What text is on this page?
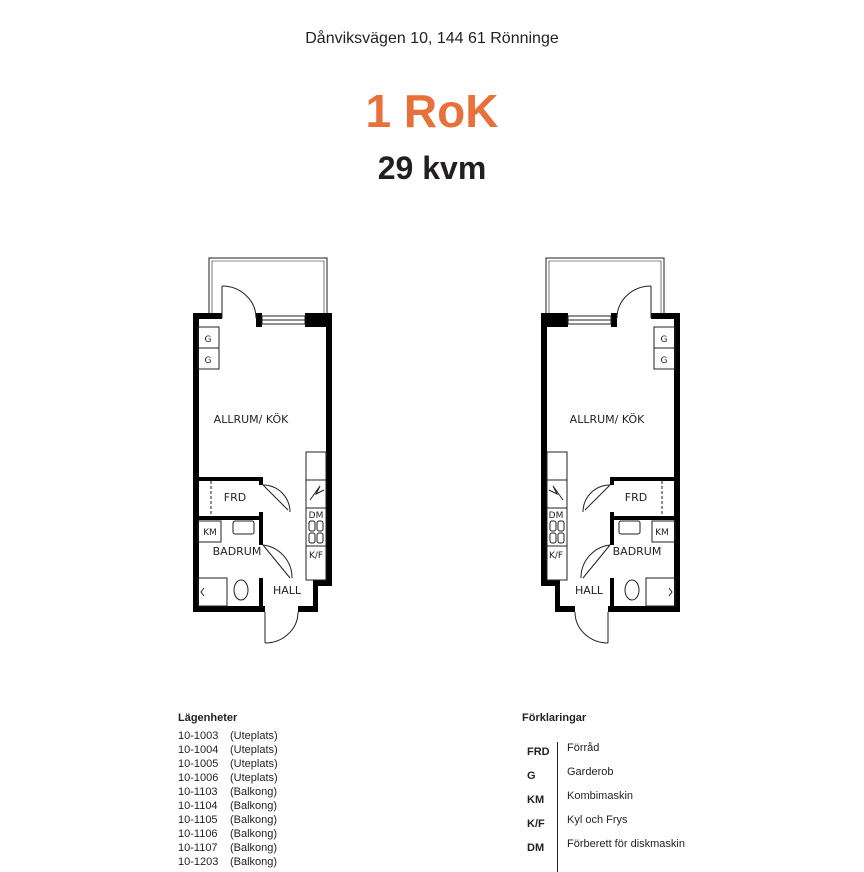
Dånviksvägen 10, 144 61 Rönninge
1 RoK
29 kvm
ALLRUM/ KÖK
FRD
BADRUM
HALL
G
G
KM
DM
K/F
ALLRUM/ KÖK
FRD
BADRUM
HALL
G
G
KM
DM
K/F
Lägenheter
10-1003 (Uteplats)
10-1004 (Uteplats)
10-1005 (Uteplats)
10-1006 (Uteplats)
10-1103 (Balkong)
10-1104 (Balkong)
10-1105 (Balkong)
10-1106 (Balkong)
10-1107 (Balkong)
10-1203 (Balkong)
Förklaringar
FRD Förråd
G	Garderob
KM Kombimaskin
K/F Kyl och Frys
DM Förberett för diskmaskin
